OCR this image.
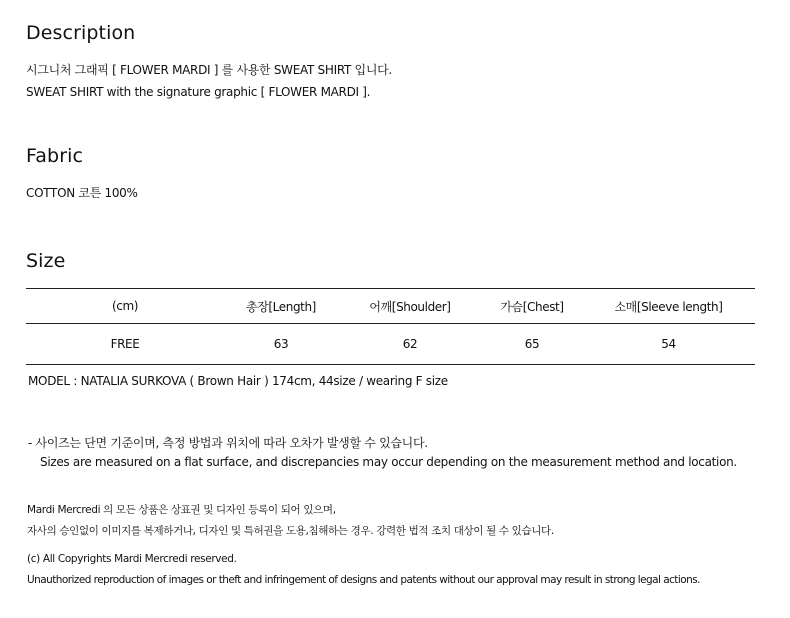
Description
시그니처 그래픽 [ FLOWER MARDI ] 를 사용한 SWEAT SHIRT 입니다.
SWEAT SHIRT with the signature graphic [ FLOWER MARDI ].
Fabric
COTTON 코튼 100%
Size
(cm)	총장[Length]	어깨[Shoulder]	가슴[Chest]	소매[Sleeve length]
FREE	63	62	65	54
MODEL : NATALIA SURKOVA ( Brown Hair ) 174cm, 44size / wearing F size
- 사이즈는 단면 기준이며, 측정 방법과 위치에 따라 오차가 발생할 수 있습니다.
Sizes are measured on a flat surface, and discrepancies may occur depending on the measurement method and location.
Mardi Mercredi 의 모든 상품은 상표권 및 디자인 등록이 되어 있으며,
자사의 승인없이 이미지를 복제하거나, 디자인 및 특허권을 도용,침해하는 경우. 강력한 법적 조치 대상이 될 수 있습니다.
(c) All Copyrights Mardi Mercredi reserved.
Unauthorized reproduction of images or theft and infringement of designs and patents without our approval may result in strong legal actions.
